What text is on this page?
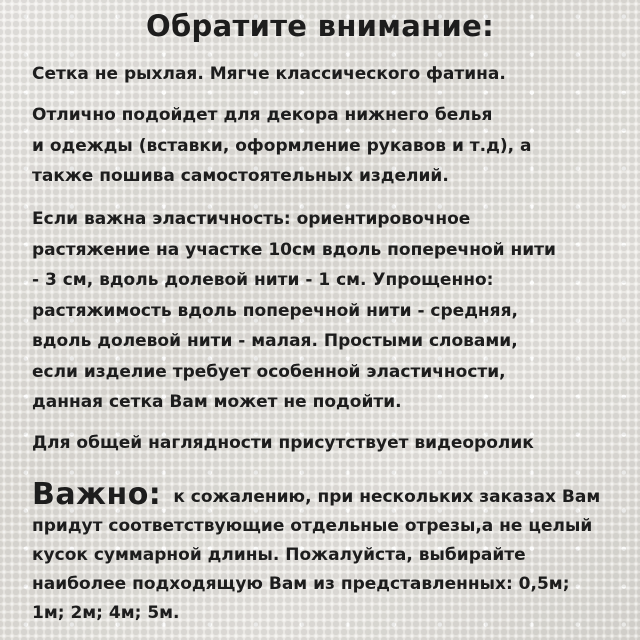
Обратите внимание:

Сетка не рыхлая. Мягче классического фатина.

Отлично подойдет для декора нижнего белья
и одежды (вставки, оформление рукавов и т.д), а
также пошива самостоятельных изделий.

Если важна эластичность: ориентировочное
растяжение на участке 10см вдоль поперечной нити
- 3 см, вдоль долевой нити - 1 см. Упрощенно:
растяжимость вдоль поперечной нити - средняя,
вдоль долевой нити - малая. Простыми словами,
если изделие требует особенной эластичности,
данная сетка Вам может не подойти.

Для общей наглядности присутствует видеоролик

Важно: к сожалению, при нескольких заказах Вам
придут соответствующие отдельные отрезы,а не целый
кусок суммарной длины. Пожалуйста, выбирайте
наиболее подходящую Вам из представленных: 0,5м;
1м; 2м; 4м; 5м.
